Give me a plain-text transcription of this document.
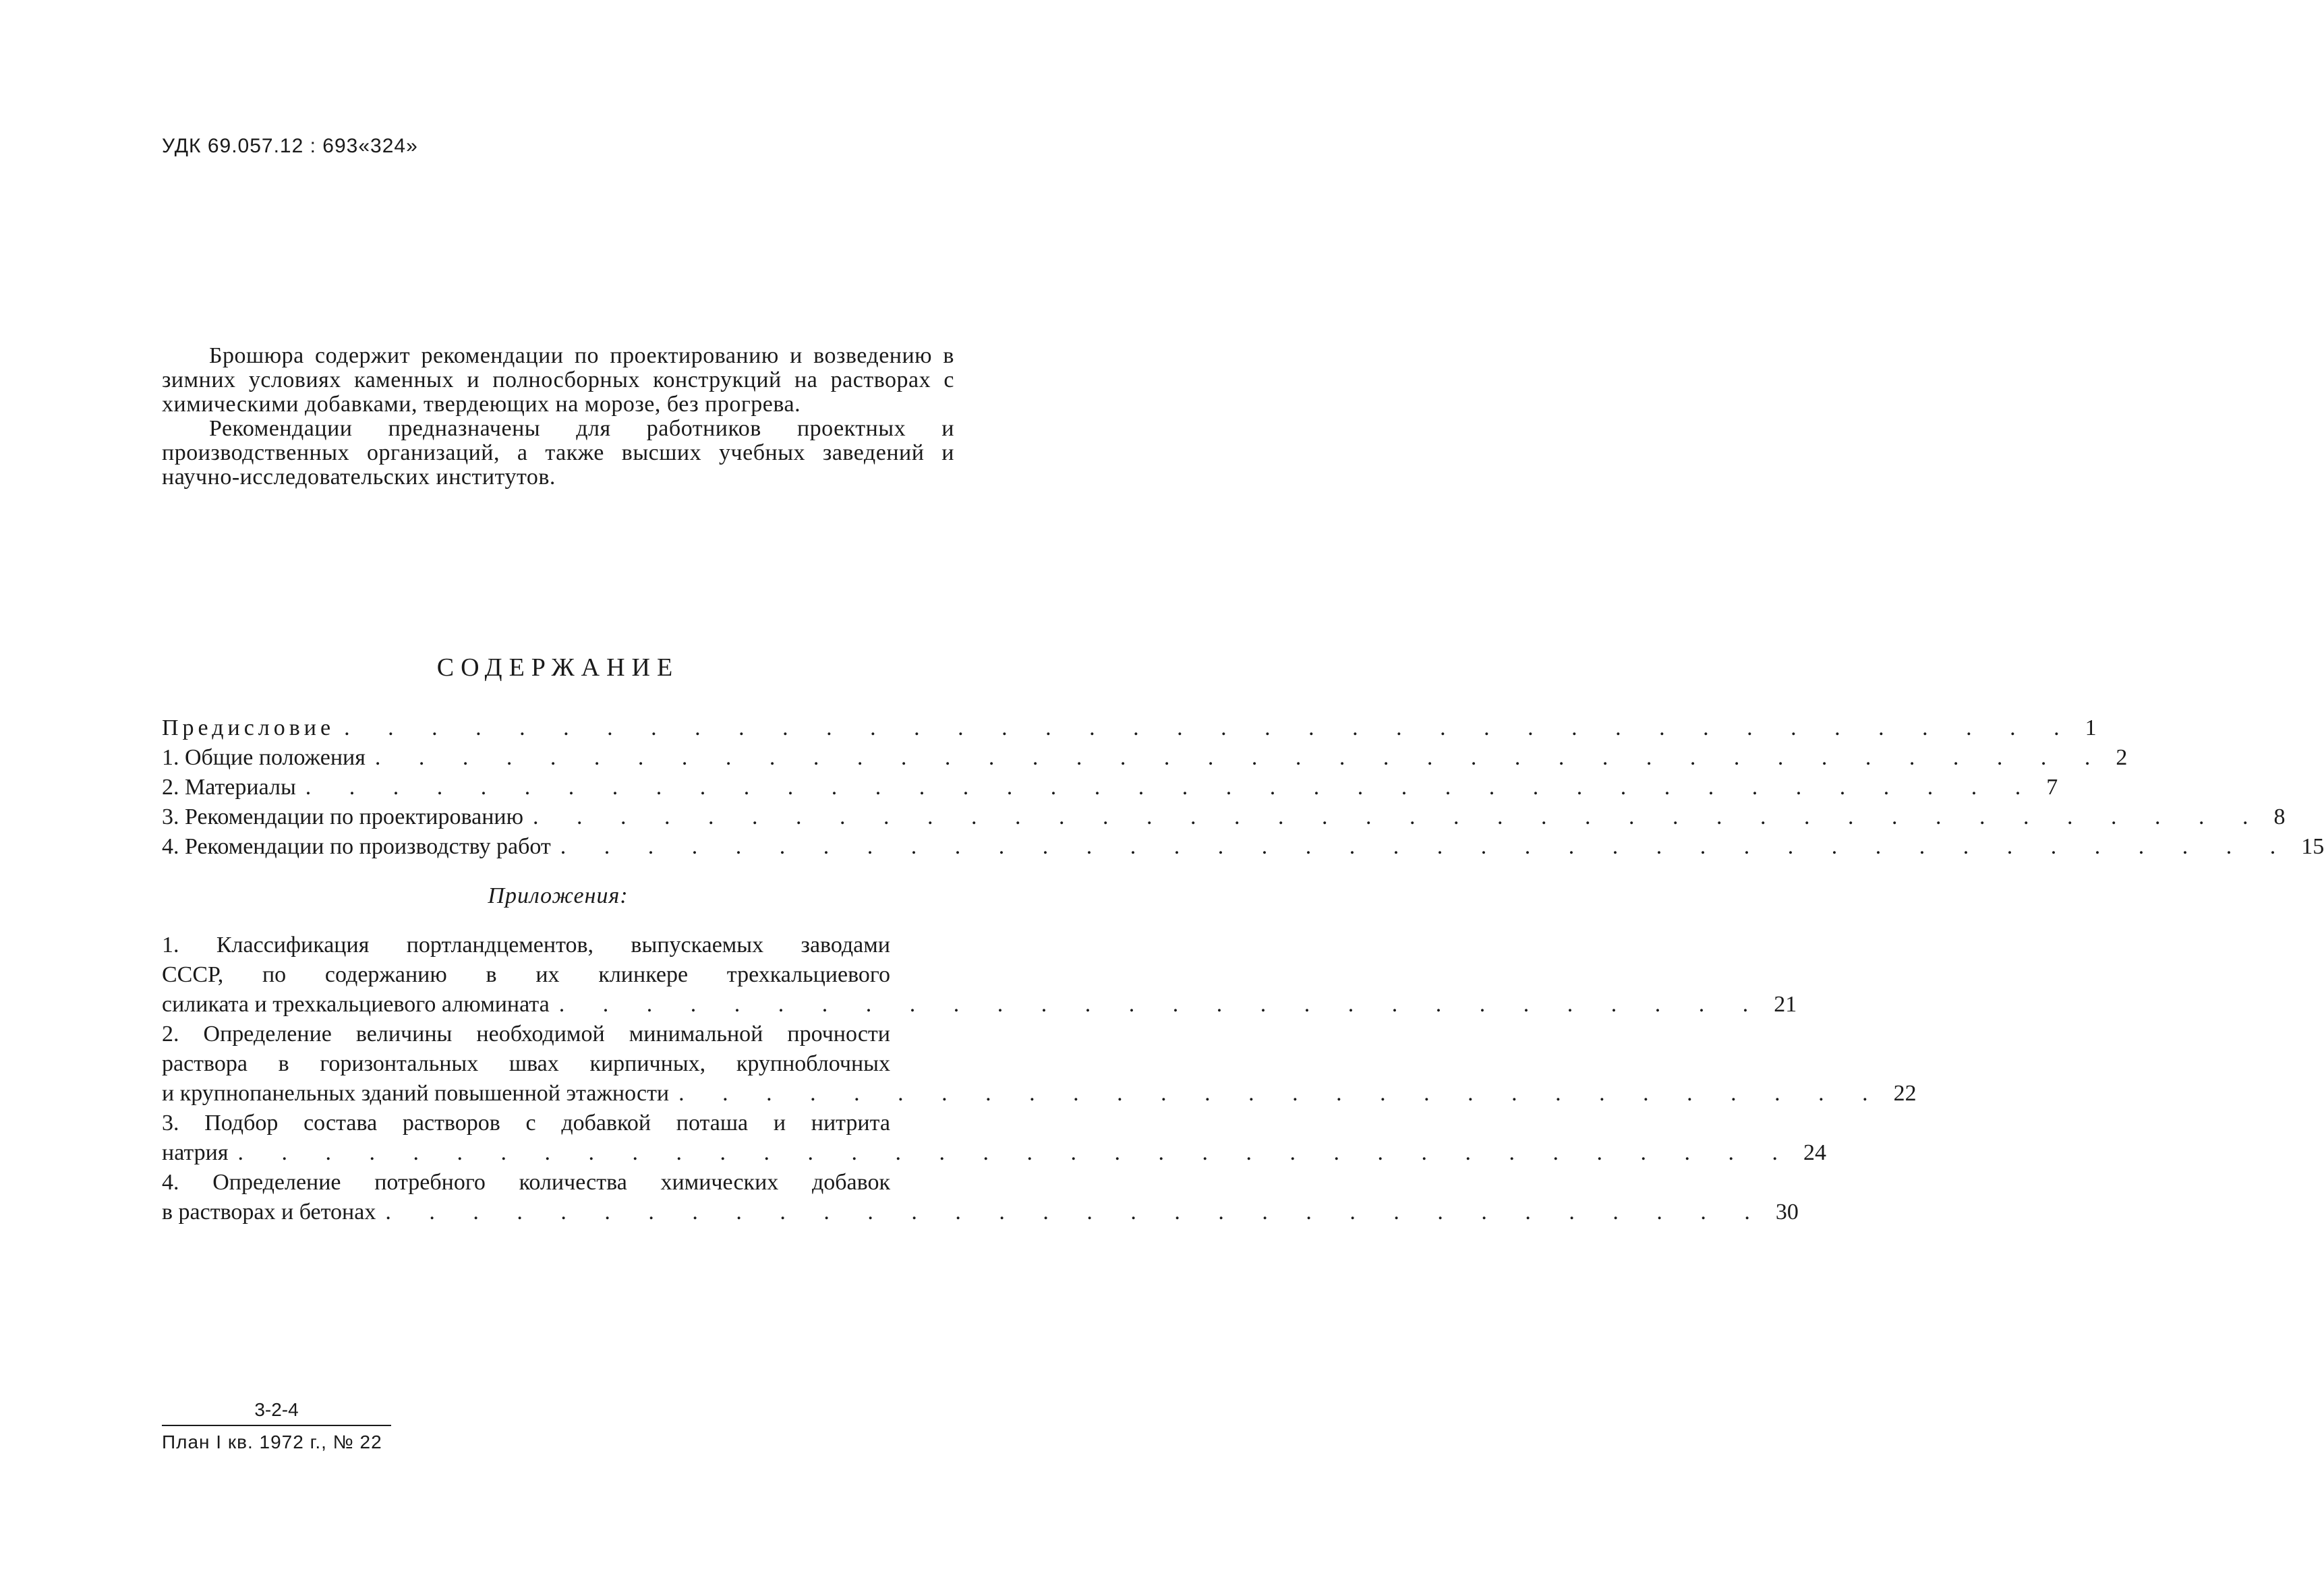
УДК 69.057.12 : 693«324»

Брошюра содержит рекомендации по проектированию и возведению в зимних условиях каменных и полносборных конструкций на растворах с химическими добавками, твердеющих на морозе, без прогрева.

Рекомендации предназначены для работников проектных и производственных организаций, а также высших учебных заведений и научно-исследовательских институтов.

СОДЕРЖАНИЕ
Предисловие . . . . . . . . . . . . . . . . . . . . . . . . . . . . . . . . . . . . . . . . 1
1. Общие положения . . . . . . . . . . . . . . . . . . . . . . . . . . . . . . . . . . . . . . . . 2
2. Материалы . . . . . . . . . . . . . . . . . . . . . . . . . . . . . . . . . . . . . . . . 7
3. Рекомендации по проектированию . . . . . . . . . . . . . . . . . . . . . . . . . . . . . . . . . . . . . . . . 8
4. Рекомендации по производству работ . . . . . . . . . . . . . . . . . . . . . . . . . . . . . . . . . . . . . . . . 15
Приложения:
1. Классификация портландцементов, выпускаемых заводами
СССР, по содержанию в их клинкере трехкальциевого
силиката и трехкальциевого алюмината . . . . . . . . . . . . . . . . . . . . . . . . . . . . 21
2. Определение величины необходимой минимальной прочности
раствора в горизонтальных швах кирпичных, крупноблочных
и крупнопанельных зданий повышенной этажности . . . . . . . . . . . . . . . . . . . . . . . . . . . . 22
3. Подбор состава растворов с добавкой поташа и нитрита
натрия . . . . . . . . . . . . . . . . . . . . . . . . . . . . . . . . . . . . 24
4. Определение потребного количества химических добавок
в растворах и бетонах . . . . . . . . . . . . . . . . . . . . . . . . . . . . . . . . 30
3-2-4
План I кв. 1972 г., № 22
